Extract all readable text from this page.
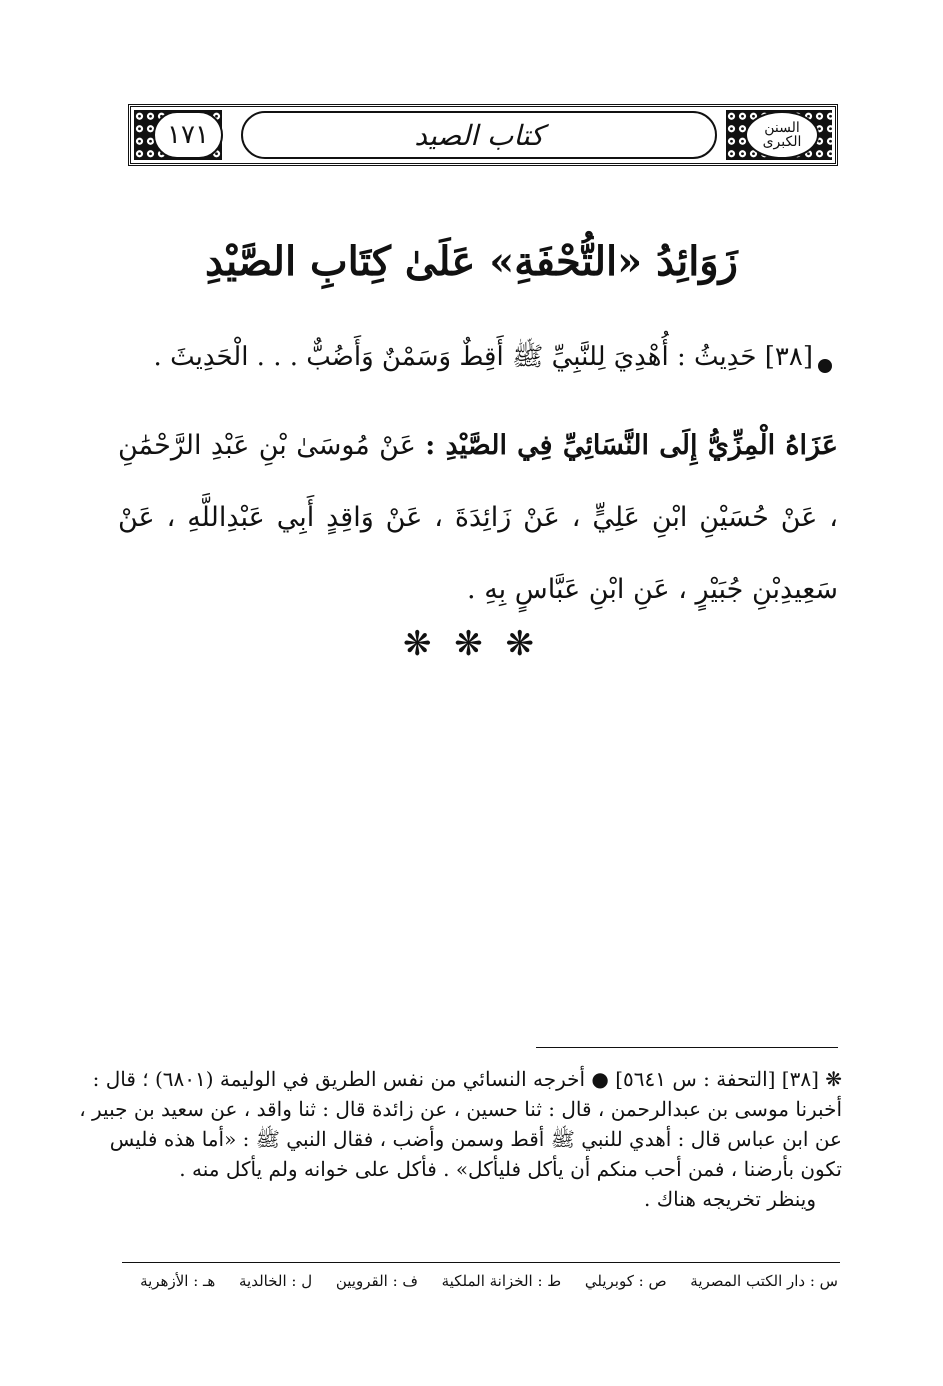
١٧١	كتاب الصيد	السنن الكبرى
زَوَائِدُ «التُّحْفَةِ» عَلَىٰ كِتَابِ الصَّيْدِ
[٣٨] حَدِيثُ : أُهْدِيَ لِلنَّبِيِّ ﷺ أَقِطٌ وَسَمْنٌ وَأَضُبٌّ . . . الْحَدِيثَ .
عَزَاهُ الْمِزِّيُّ إِلَى النَّسَائِيِّ فِي الصَّيْدِ : عَنْ مُوسَىٰ بْنِ عَبْدِ الرَّحْمَٰنِ ، عَنْ حُسَيْنِ ابْنِ عَلِيٍّ ، عَنْ زَائِدَةَ ، عَنْ وَاقِدٍ أَبِي عَبْدِاللَّهِ ، عَنْ سَعِيدِبْنِ جُبَيْرٍ ، عَنِ ابْنِ عَبَّاسٍ بِهِ .
❋ ❋ ❋
❋ [٣٨] [التحفة : س ٥٦٤١] ● أخرجه النسائي من نفس الطريق في الوليمة (٦٨٠١) ؛ قال :
أخبرنا موسى بن عبدالرحمن ، قال : ثنا حسين ، عن زائدة قال : ثنا واقد ، عن سعيد بن جبير ،
عن ابن عباس قال : أهدي للنبي ﷺ أقط وسمن وأضب ، فقال النبي ﷺ : «أما هذه فليس
تكون بأرضنا ، فمن أحب منكم أن يأكل فليأكل» . فأكل على خوانه ولم يأكل منه .
وينظر تخريجه هناك .
س : دار الكتب المصرية
ص : كوبريلي
ط : الخزانة الملكية
ف : القرويين
ل : الخالدية
هـ : الأزهرية
